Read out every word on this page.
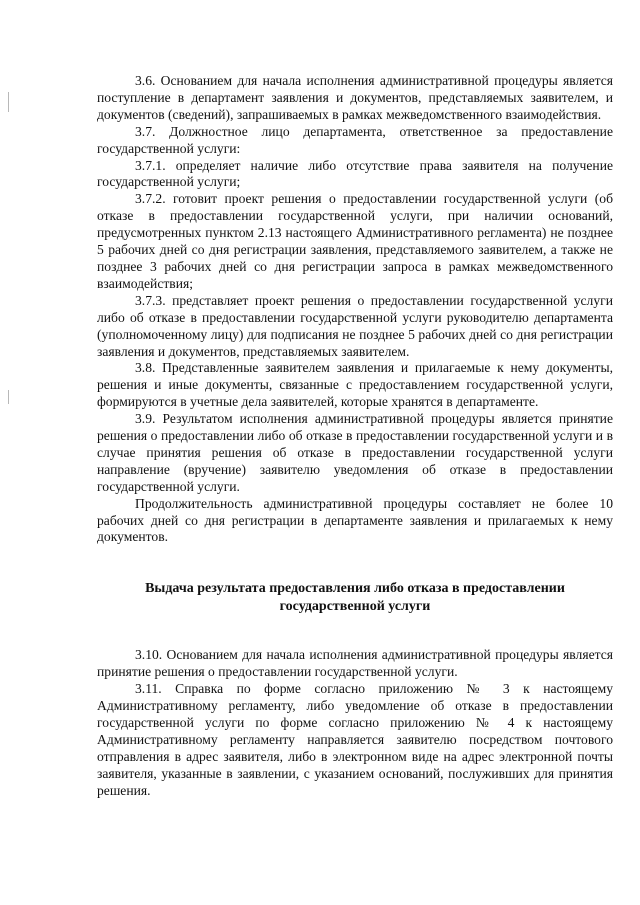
3.6. Основанием для начала исполнения административной процедуры является поступление в департамент заявления и документов, представляемых заявителем, и документов (сведений), запрашиваемых в рамках межведомственного взаимодействия.

3.7. Должностное лицо департамента, ответственное за предоставление государственной услуги:

3.7.1. определяет наличие либо отсутствие права заявителя на получение государственной услуги;

3.7.2. готовит проект решения о предоставлении государственной услуги (об отказе в предоставлении государственной услуги, при наличии оснований, предусмотренных пунктом 2.13 настоящего Административного регламента) не позднее 5 рабочих дней со дня регистрации заявления, представляемого заявителем, а также не позднее 3 рабочих дней со дня регистрации запроса в рамках межведомственного взаимодействия;

3.7.3. представляет проект решения о предоставлении государственной услуги либо об отказе в предоставлении государственной услуги руководителю департамента (уполномоченному лицу) для подписания не позднее 5 рабочих дней со дня регистрации заявления и документов, представляемых заявителем.

3.8. Представленные заявителем заявления и прилагаемые к нему документы, решения и иные документы, связанные с предоставлением государственной услуги, формируются в учетные дела заявителей, которые хранятся в департаменте.

3.9. Результатом исполнения административной процедуры является принятие решения о предоставлении либо об отказе в предоставлении государственной услуги и в случае принятия решения об отказе в предоставлении государственной услуги направление (вручение) заявителю уведомления об отказе в предоставлении государственной услуги.

Продолжительность административной процедуры составляет не более 10 рабочих дней со дня регистрации в департаменте заявления и прилагаемых к нему документов.

Выдача результата предоставления либо отказа в предоставлении государственной услуги

3.10. Основанием для начала исполнения административной процедуры является принятие решения о предоставлении государственной услуги.

3.11. Справка по форме согласно приложению № 3 к настоящему Административному регламенту, либо уведомление об отказе в предоставлении государственной услуги по форме согласно приложению № 4 к настоящему Административному регламенту направляется заявителю посредством почтового отправления в адрес заявителя, либо в электронном виде на адрес электронной почты заявителя, указанные в заявлении, с указанием оснований, послуживших для принятия решения.
